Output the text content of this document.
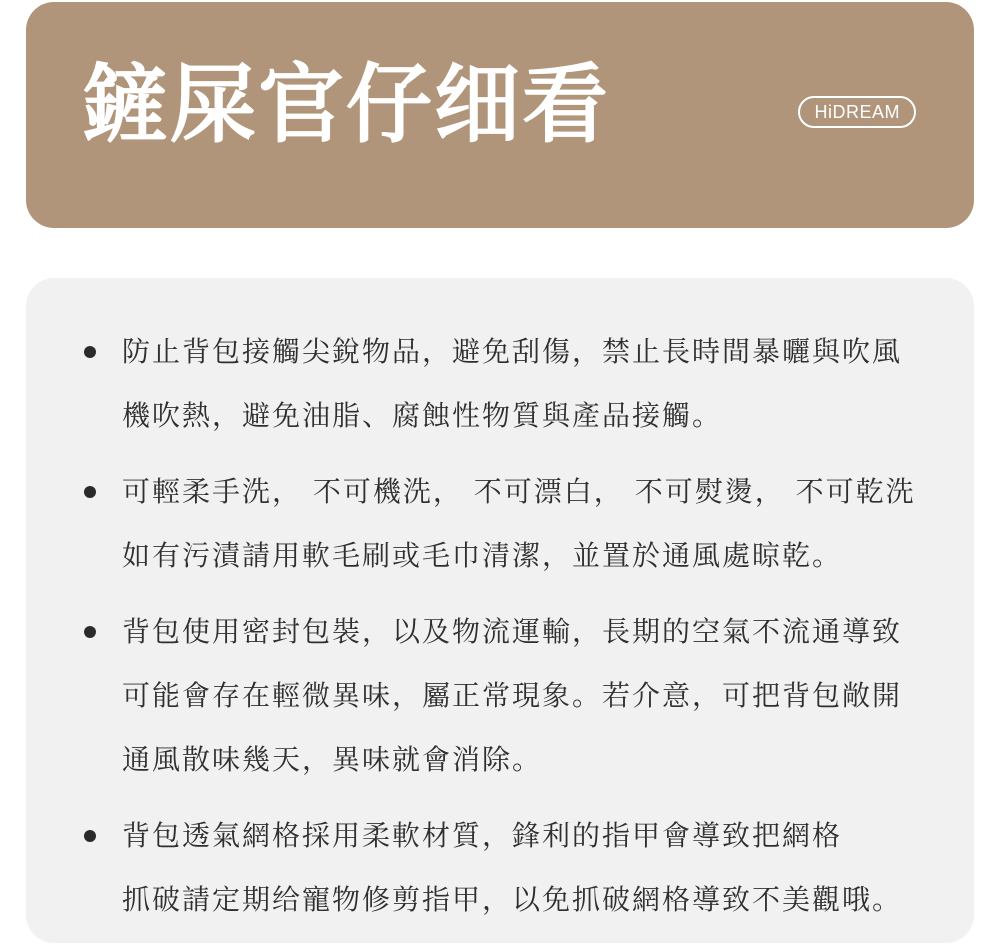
鏟屎官仔细看	HiDREAM
防止背包接觸尖銳物品，避免刮傷，禁止長時間暴曬與吹風
機吹熱，避免油脂、腐蝕性物質與產品接觸。
可輕柔手洗， 不可機洗， 不可漂白， 不可熨燙， 不可乾洗
如有污漬請用軟毛刷或毛巾清潔，並置於通風處晾乾。
背包使用密封包裝，以及物流運輸，長期的空氣不流通導致
可能會存在輕微異味，屬正常現象。若介意，可把背包敞開
通風散味幾天，異味就會消除。
背包透氣網格採用柔軟材質，鋒利的指甲會導致把網格
抓破請定期给寵物修剪指甲，以免抓破網格導致不美觀哦。
